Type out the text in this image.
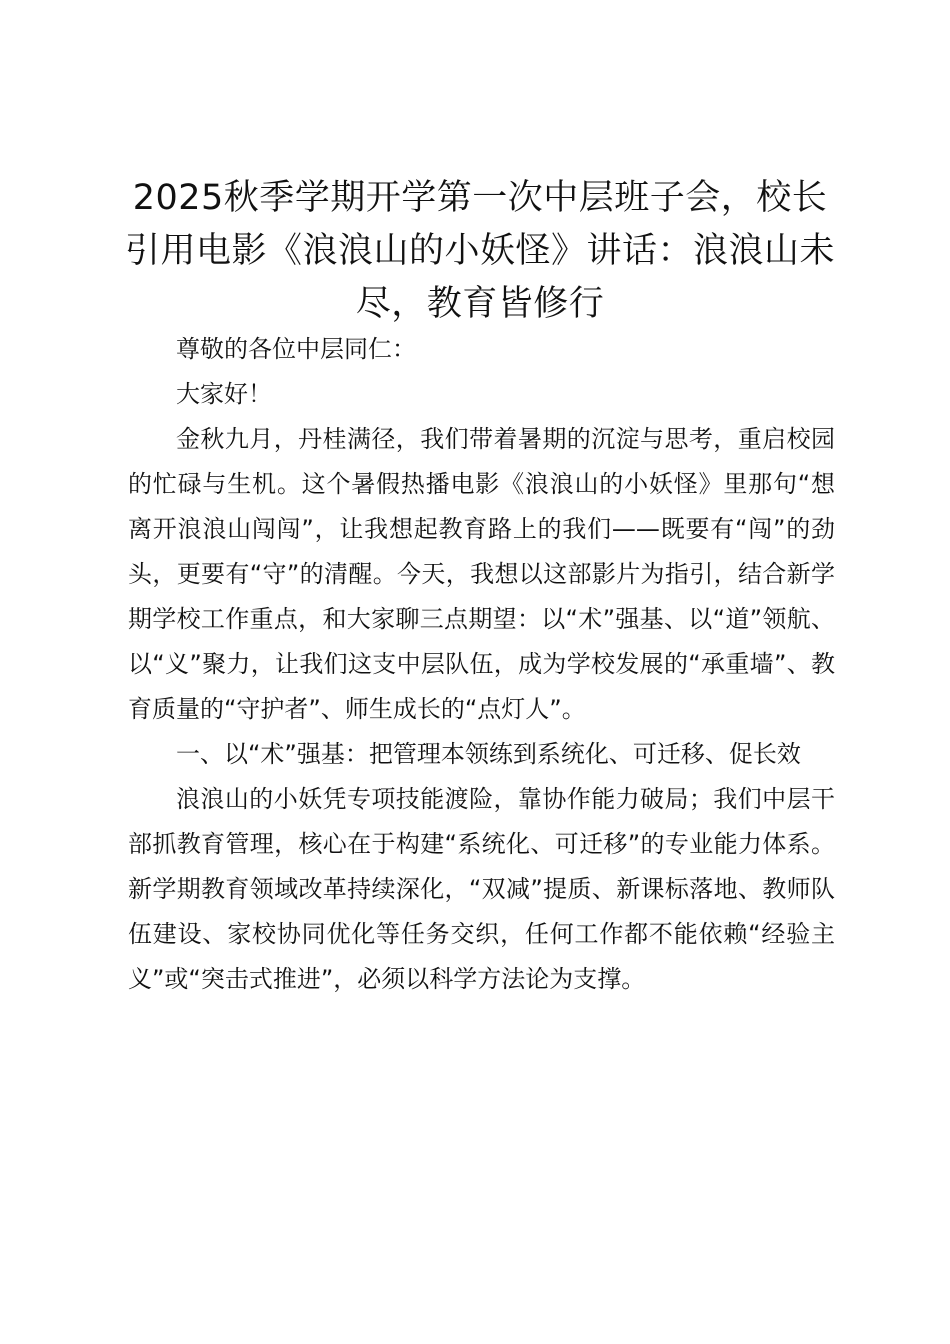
2025秋季学期开学第一次中层班子会，校长引用电影《浪浪山的小妖怪》讲话：浪浪山未尽，教育皆修行

尊敬的各位中层同仁：

大家好！

金秋九月，丹桂满径，我们带着暑期的沉淀与思考，重启校园的忙碌与生机。这个暑假热播电影《浪浪山的小妖怪》里那句“想离开浪浪山闯闯”，让我想起教育路上的我们——既要有“闯”的劲头，更要有“守”的清醒。今天，我想以这部影片为指引，结合新学期学校工作重点，和大家聊三点期望：以“术”强基、以“道”领航、以“义”聚力，让我们这支中层队伍，成为学校发展的“承重墙”、教育质量的“守护者”、师生成长的“点灯人”。

一、以“术”强基：把管理本领练到系统化、可迁移、促长效

浪浪山的小妖凭专项技能渡险，靠协作能力破局；我们中层干部抓教育管理，核心在于构建“系统化、可迁移”的专业能力体系。新学期教育领域改革持续深化，“双减”提质、新课标落地、教师队伍建设、家校协同优化等任务交织，任何工作都不能依赖“经验主义”或“突击式推进”，必须以科学方法论为支撑。
